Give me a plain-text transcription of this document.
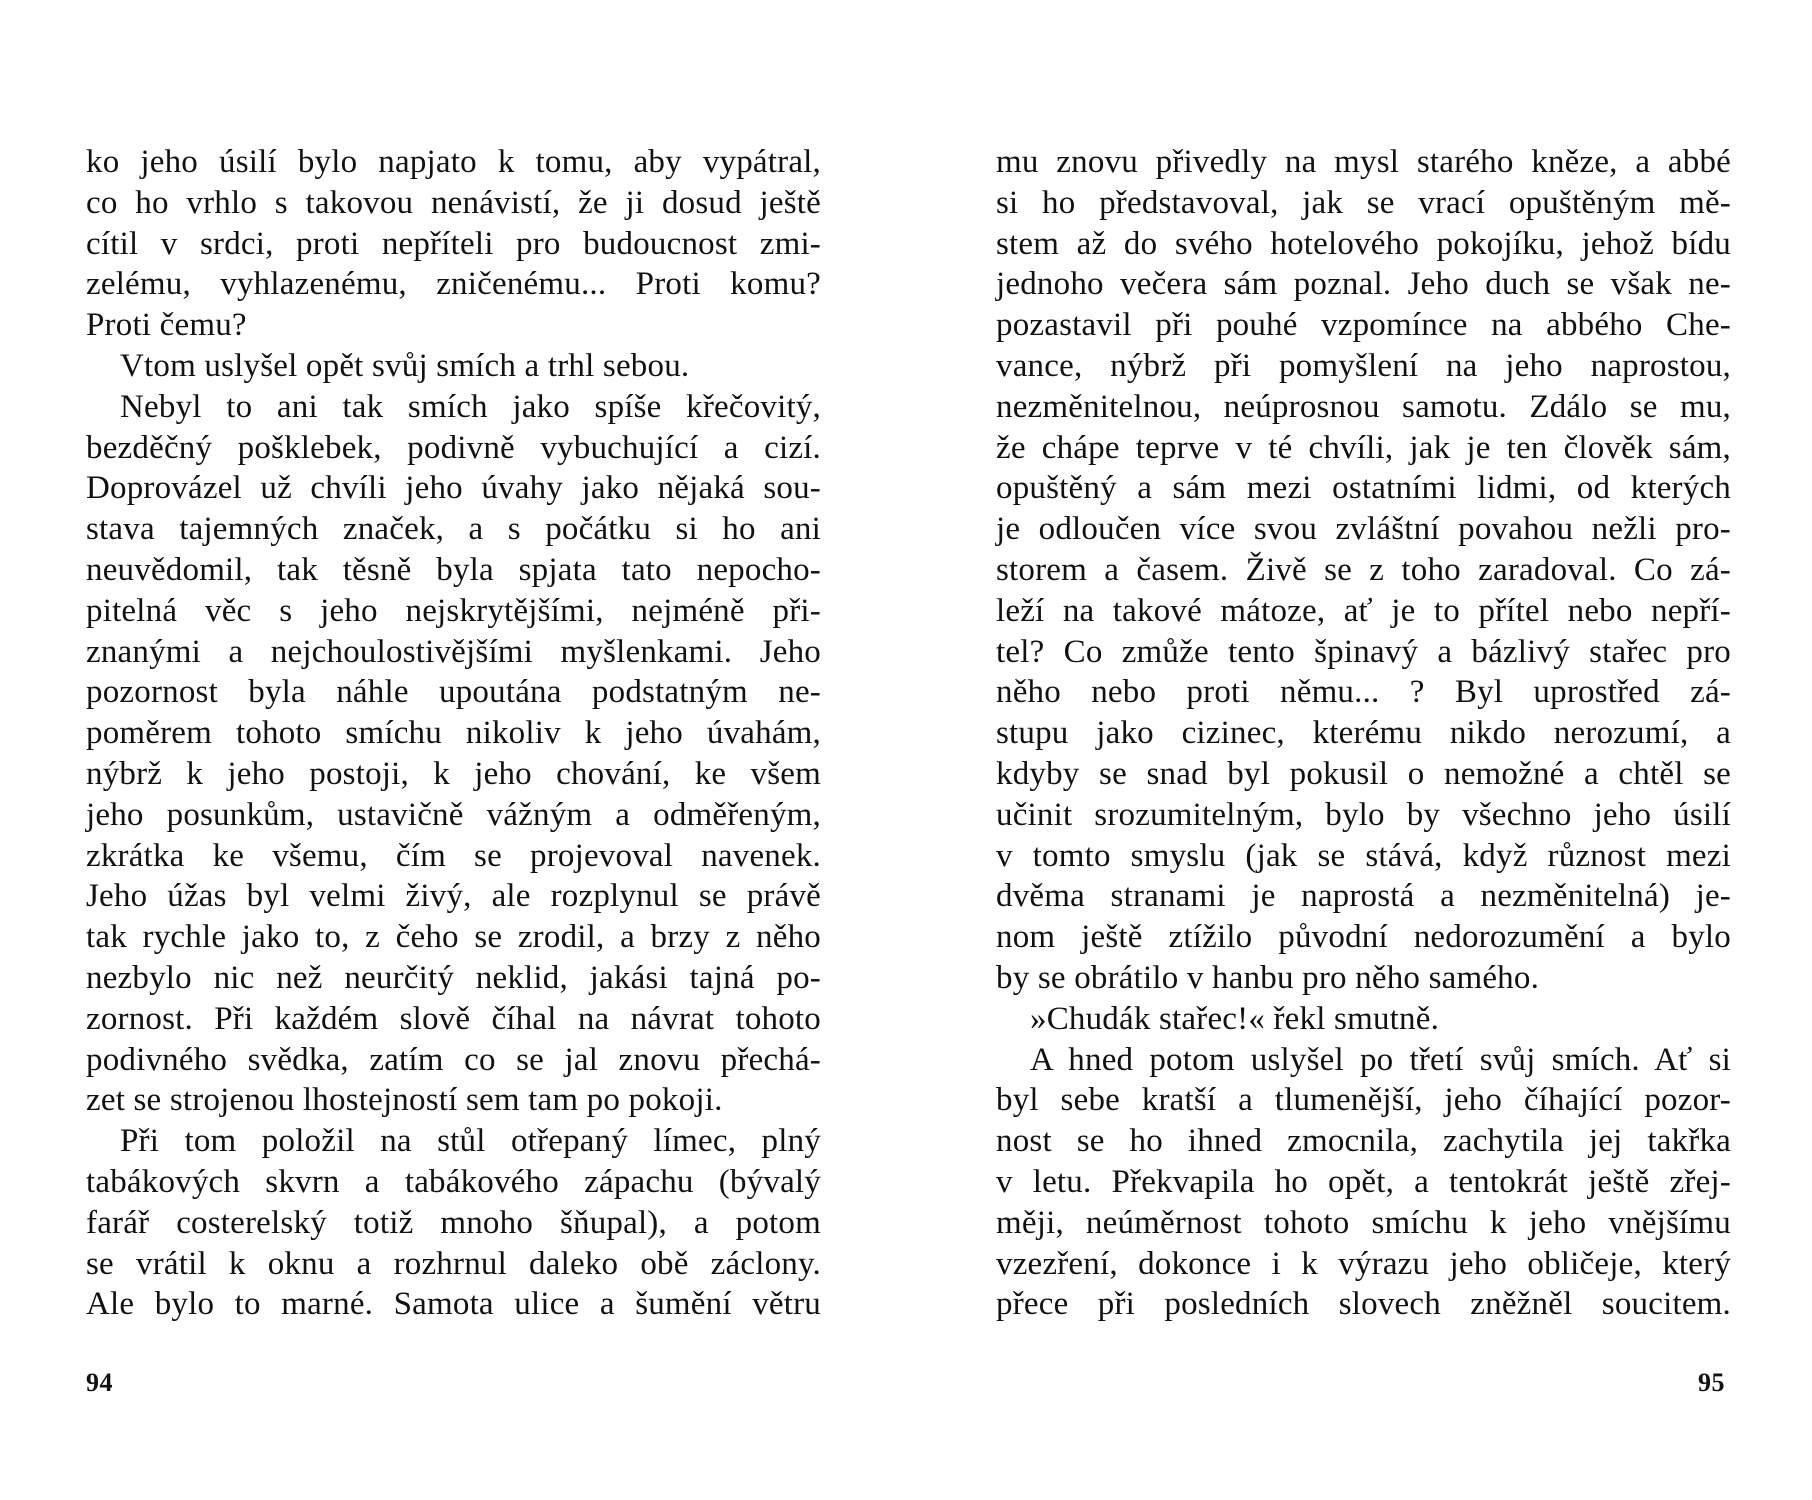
ko jeho úsilí bylo napjato k tomu, aby vypátral,
co ho vrhlo s takovou nenávistí, že ji dosud ještě
cítil v srdci, proti nepříteli pro budoucnost zmi-
zelému, vyhlazenému, zničenému... Proti komu?
Proti čemu?
Vtom uslyšel opět svůj smích a trhl sebou.
Nebyl to ani tak smích jako spíše křečovitý,
bezděčný pošklebek, podivně vybuchující a cizí.
Doprovázel už chvíli jeho úvahy jako nějaká sou-
stava tajemných značek, a s počátku si ho ani
neuvědomil, tak těsně byla spjata tato nepocho-
pitelná věc s jeho nejskrytějšími, nejméně při-
znanými a nejchoulostivějšími myšlenkami. Jeho
pozornost byla náhle upoutána podstatným ne-
poměrem tohoto smíchu nikoliv k jeho úvahám,
nýbrž k jeho postoji, k jeho chování, ke všem
jeho posunkům, ustavičně vážným a odměřeným,
zkrátka ke všemu, čím se projevoval navenek.
Jeho úžas byl velmi živý, ale rozplynul se právě
tak rychle jako to, z čeho se zrodil, a brzy z něho
nezbylo nic než neurčitý neklid, jakási tajná po-
zornost. Při každém slově číhal na návrat tohoto
podivného svědka, zatím co se jal znovu přechá-
zet se strojenou lhostejností sem tam po pokoji.
Při tom položil na stůl otřepaný límec, plný
tabákových skvrn a tabákového zápachu (bývalý
farář costerelský totiž mnoho šňupal), a potom
se vrátil k oknu a rozhrnul daleko obě záclony.
Ale bylo to marné. Samota ulice a šumění větru
94
mu znovu přivedly na mysl starého kněze, a abbé
si ho představoval, jak se vrací opuštěným mě-
stem až do svého hotelového pokojíku, jehož bídu
jednoho večera sám poznal. Jeho duch se však ne-
pozastavil při pouhé vzpomínce na abbého Che-
vance, nýbrž při pomyšlení na jeho naprostou,
nezměnitelnou, neúprosnou samotu. Zdálo se mu,
že chápe teprve v té chvíli, jak je ten člověk sám,
opuštěný a sám mezi ostatními lidmi, od kterých
je odloučen více svou zvláštní povahou nežli pro-
storem a časem. Živě se z toho zaradoval. Co zá-
leží na takové mátoze, ať je to přítel nebo nepří-
tel? Co zmůže tento špinavý a bázlivý stařec pro
něho nebo proti němu... ? Byl uprostřed zá-
stupu jako cizinec, kterému nikdo nerozumí, a
kdyby se snad byl pokusil o nemožné a chtěl se
učinit srozumitelným, bylo by všechno jeho úsilí
v tomto smyslu (jak se stává, když různost mezi
dvěma stranami je naprostá a nezměnitelná) je-
nom ještě ztížilo původní nedorozumění a bylo
by se obrátilo v hanbu pro něho samého.
»Chudák stařec!« řekl smutně.
A hned potom uslyšel po třetí svůj smích. Ať si
byl sebe kratší a tlumenější, jeho číhající pozor-
nost se ho ihned zmocnila, zachytila jej takřka
v letu. Překvapila ho opět, a tentokrát ještě zřej-
měji, neúměrnost tohoto smíchu k jeho vnějšímu
vzezření, dokonce i k výrazu jeho obličeje, který
přece při posledních slovech zněžněl soucitem.
95
